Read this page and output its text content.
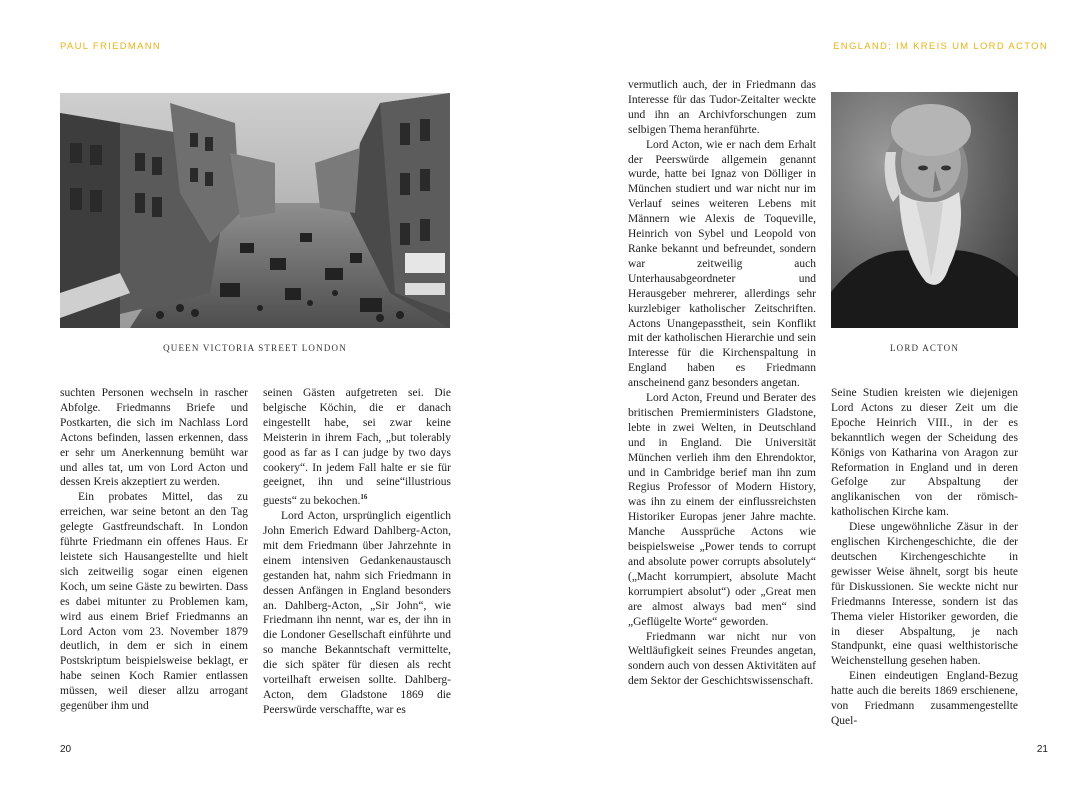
PAUL FRIEDMANN
QUEEN VICTORIA STREET LONDON

suchten Personen wechseln in rascher Abfolge. Friedmanns Briefe und Postkarten, die sich im Nachlass Lord Actons befinden, lassen erkennen, dass er sehr um Anerkennung bemüht war und alles tat, um von Lord Acton und dessen Kreis akzeptiert zu werden.

Ein probates Mittel, das zu erreichen, war seine betont an den Tag gelegte Gastfreundschaft. In London führte Friedmann ein offenes Haus. Er leistete sich Hausangestellte und hielt sich zeitweilig sogar einen eigenen Koch, um seine Gäste zu bewirten. Dass es dabei mitunter zu Problemen kam, wird aus einem Brief Friedmanns an Lord Acton vom 23. November 1879 deutlich, in dem er sich in einem Postskriptum beispielsweise beklagt, er habe seinen Koch Ramier entlassen müssen, weil dieser allzu arrogant gegenüber ihm und

seinen Gästen aufgetreten sei. Die belgische Köchin, die er danach eingestellt habe, sei zwar keine Meisterin in ihrem Fach, „but tolerably good as far as I can judge by two days cookery“. In jedem Fall halte er sie für geeignet, ihn und seine“illustrious guests“ zu bekochen.$^{16}$

Lord Acton, ursprünglich eigentlich John Emerich Edward Dahlberg-Acton, mit dem Friedmann über Jahrzehnte in einem intensiven Gedankenaustausch gestanden hat, nahm sich Friedmann in dessen Anfängen in England besonders an. Dahlberg-Acton, „Sir John“, wie Friedmann ihn nennt, war es, der ihn in die Londoner Gesellschaft einführte und so manche Bekanntschaft vermittelte, die sich später für diesen als recht vorteilhaft erweisen sollte. Dahlberg-Acton, dem Gladstone 1869 die Peerswürde verschaffte, war es

20
ENGLAND: IM KREIS UM LORD ACTON

vermutlich auch, der in Friedmann das Interesse für das Tudor-Zeitalter weckte und ihn an Archivforschungen zum selbigen Thema heranführte.

Lord Acton, wie er nach dem Erhalt der Peerswürde allgemein genannt wurde, hatte bei Ignaz von Dölliger in München studiert und war nicht nur im Verlauf seines weiteren Lebens mit Männern wie Alexis de Toqueville, Heinrich von Sybel und Leopold von Ranke bekannt und befreundet, sondern war zeitweilig auch Unterhausabgeordneter und Herausgeber mehrerer, allerdings sehr kurzlebiger katholischer Zeitschriften. Actons Unangepasstheit, sein Konflikt mit der katholischen Hierarchie und sein Interesse für die Kirchenspaltung in England haben es Friedmann anscheinend ganz besonders angetan.

Lord Acton, Freund und Berater des britischen Premierministers Gladstone, lebte in zwei Welten, in Deutschland und in England. Die Universität München verlieh ihm den Ehrendoktor, und in Cambridge berief man ihn zum Regius Professor of Modern History, was ihn zu einem der einflussreichsten Historiker Europas jener Jahre machte. Manche Aussprüche Actons wie beispielsweise „Power tends to corrupt and absolute power corrupts absolutely“ („Macht korrumpiert, absolute Macht korrumpiert absolut“) oder „Great men are almost always bad men“ sind „Geflügelte Worte“ geworden.

Friedmann war nicht nur von Weltläufigkeit seines Freundes angetan, sondern auch von dessen Aktivitäten auf dem Sektor der Geschichtswissenschaft.

LORD ACTON

Seine Studien kreisten wie diejenigen Lord Actons zu dieser Zeit um die Epoche Heinrich VIII., in der es bekanntlich wegen der Scheidung des Königs von Katharina von Aragon zur Reformation in England und in deren Gefolge zur Abspaltung der anglikanischen von der römisch-katholischen Kirche kam.

Diese ungewöhnliche Zäsur in der englischen Kirchengeschichte, die der deutschen Kirchengeschichte in gewisser Weise ähnelt, sorgt bis heute für Diskussionen. Sie weckte nicht nur Friedmanns Interesse, sondern ist das Thema vieler Historiker geworden, die in dieser Abspaltung, je nach Standpunkt, eine quasi welthistorische Weichenstellung gesehen haben.

Einen eindeutigen England-Bezug hatte auch die bereits 1869 erschienene, von Friedmann zusammengestellte Quel-

21
